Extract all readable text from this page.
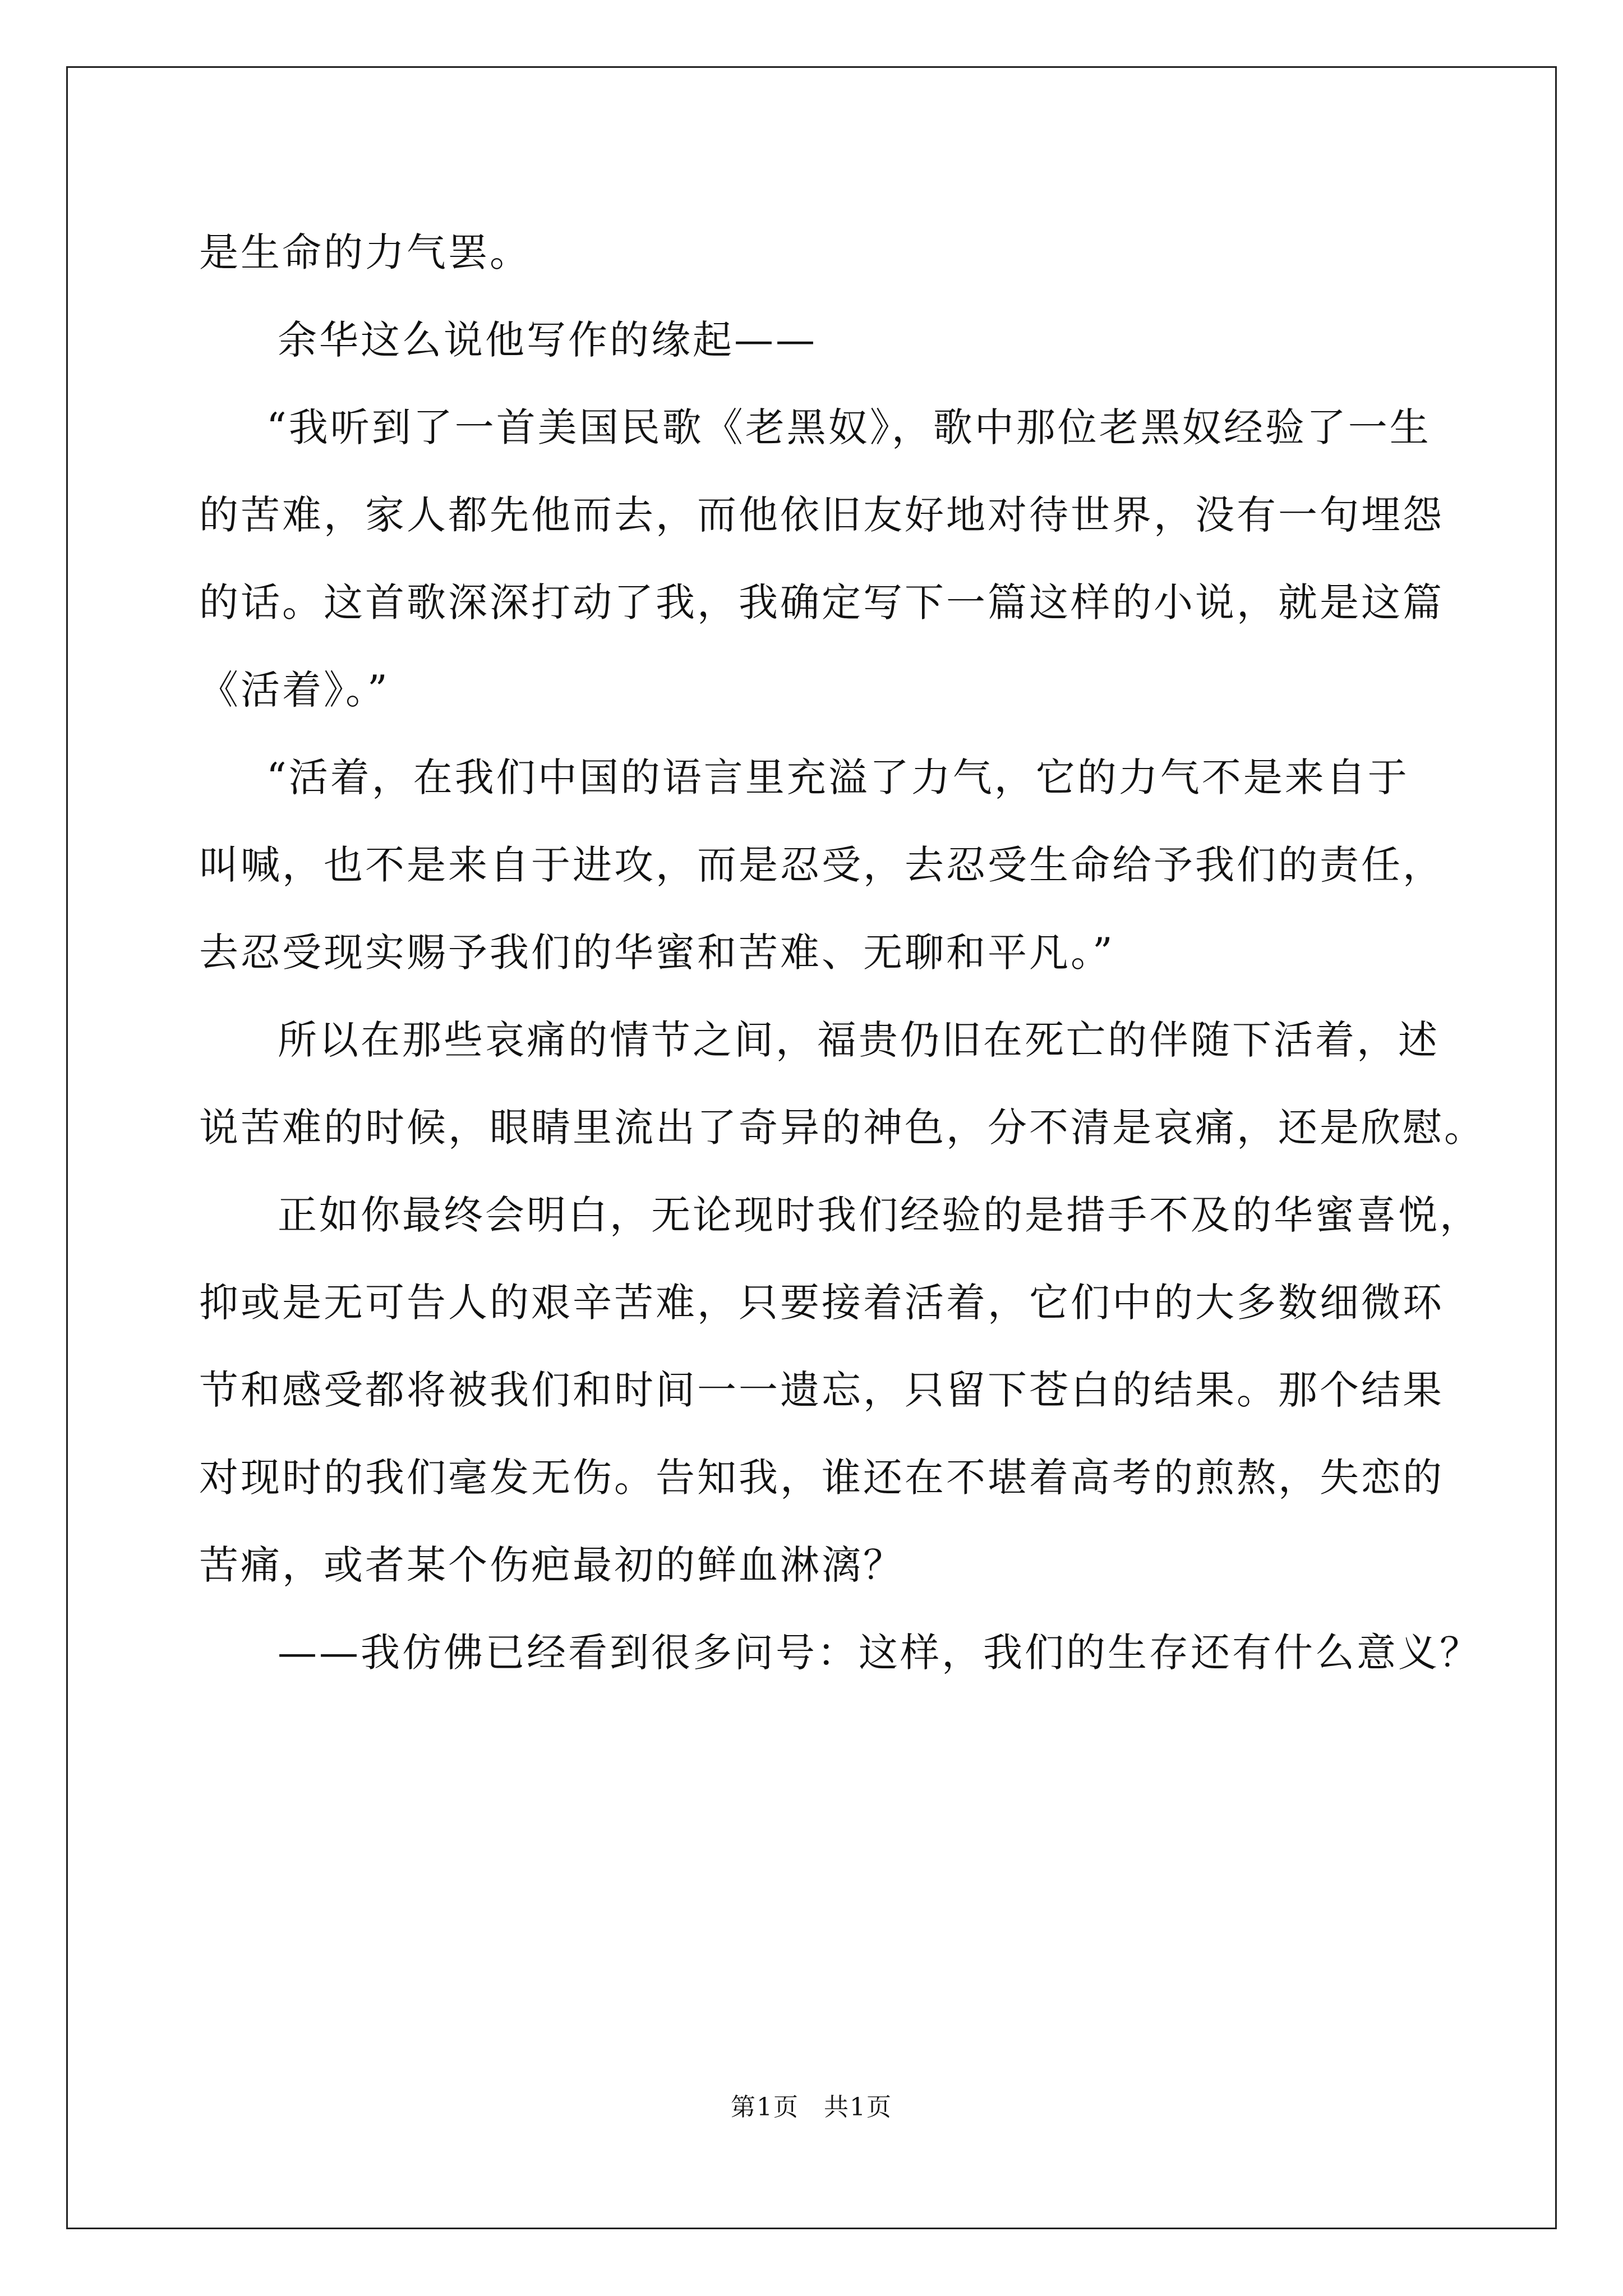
是生命的力气罢。
余华这么说他写作的缘起——
“我听到了一首美国民歌《老黑奴》，歌中那位老黑奴经验了一生
的苦难，家人都先他而去，而他依旧友好地对待世界，没有一句埋怨
的话。这首歌深深打动了我，我确定写下一篇这样的小说，就是这篇
《活着》。”
“活着，在我们中国的语言里充溢了力气，它的力气不是来自于
叫喊，也不是来自于进攻，而是忍受，去忍受生命给予我们的责任，
去忍受现实赐予我们的华蜜和苦难、无聊和平凡。”
所以在那些哀痛的情节之间，福贵仍旧在死亡的伴随下活着，述
说苦难的时候，眼睛里流出了奇异的神色，分不清是哀痛，还是欣慰。
正如你最终会明白，无论现时我们经验的是措手不及的华蜜喜悦，
抑或是无可告人的艰辛苦难，只要接着活着，它们中的大多数细微环
节和感受都将被我们和时间一一遗忘，只留下苍白的结果。那个结果
对现时的我们毫发无伤。告知我，谁还在不堪着高考的煎熬，失恋的
苦痛，或者某个伤疤最初的鲜血淋漓？
——我仿佛已经看到很多问号：这样，我们的生存还有什么意义？
第1页 共1页
